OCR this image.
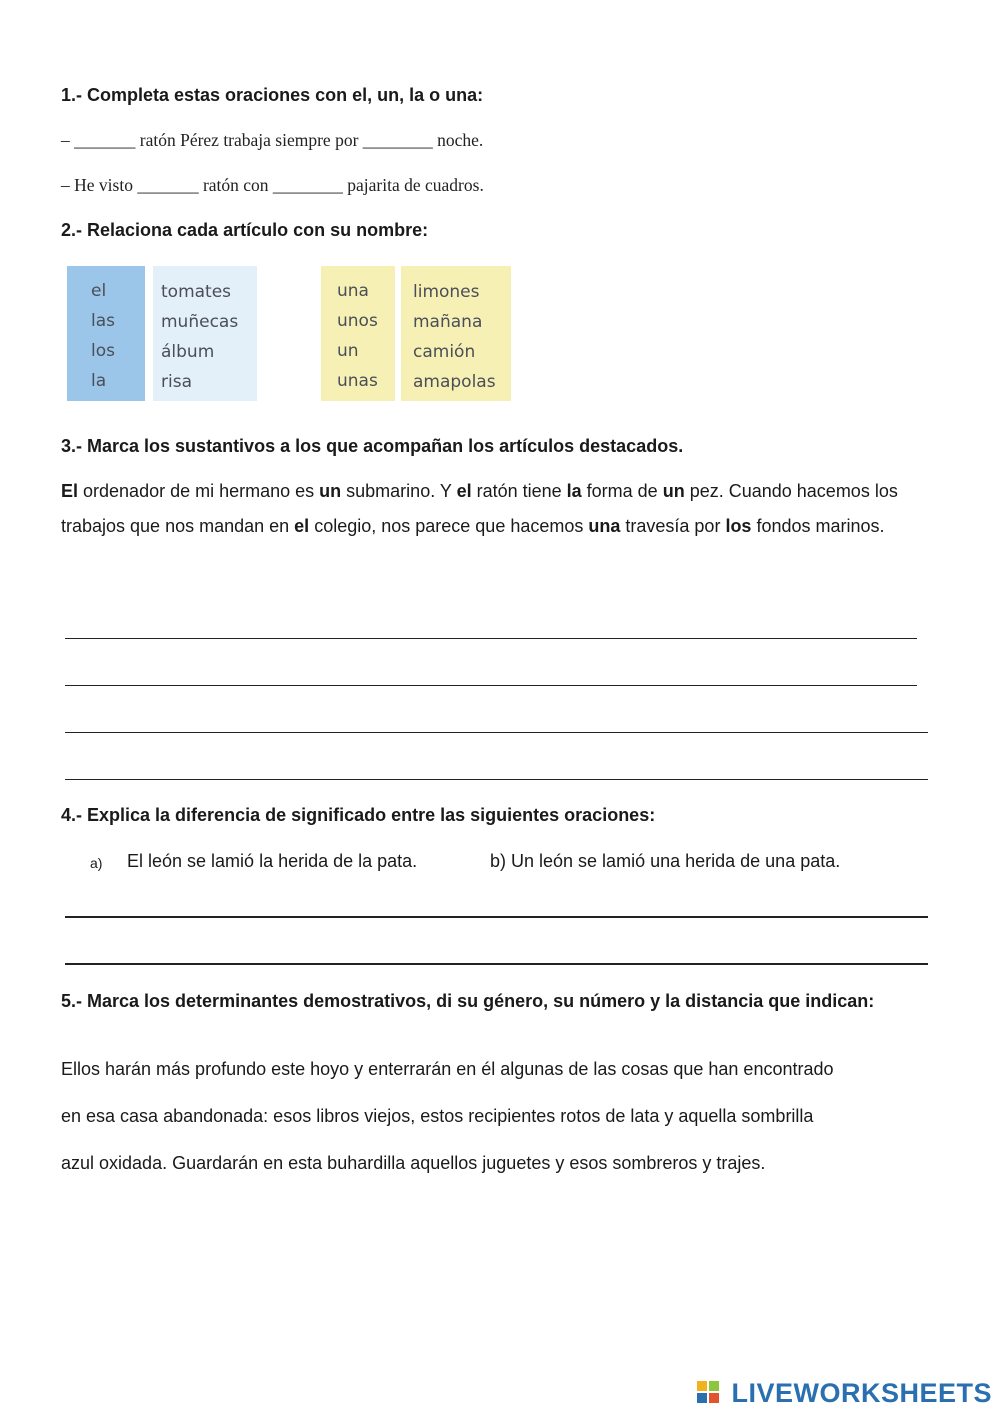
1.- Completa estas oraciones con el, un, la o una:
– _______ ratón Pérez trabaja siempre por ________ noche.
– He visto _______ ratón con ________ pajarita de cuadros.
2.- Relaciona cada artículo con su nombre:
el
las
los
la
tomates
muñecas
álbum
risa
una
unos
un
unas
limones
mañana
camión
amapolas
3.- Marca los sustantivos a los que acompañan los artículos destacados.
El ordenador de mi hermano es un submarino. Y el ratón tiene la forma de un pez. Cuando hacemos los trabajos que nos mandan en el colegio, nos parece que hacemos una travesía por los fondos marinos.
4.- Explica la diferencia de significado entre las siguientes oraciones:
a) El león se lamió la herida de la pata.	b) Un león se lamió una herida de una pata.
5.- Marca los determinantes demostrativos, di su género, su número y la distancia que indican:
Ellos harán más profundo este hoyo y enterrarán en él algunas de las cosas que han encontrado
en esa casa abandonada: esos libros viejos, estos recipientes rotos de lata y aquella sombrilla
azul oxidada. Guardarán en esta buhardilla aquellos juguetes y esos sombreros y trajes.
LIVEWORKSHEETS
